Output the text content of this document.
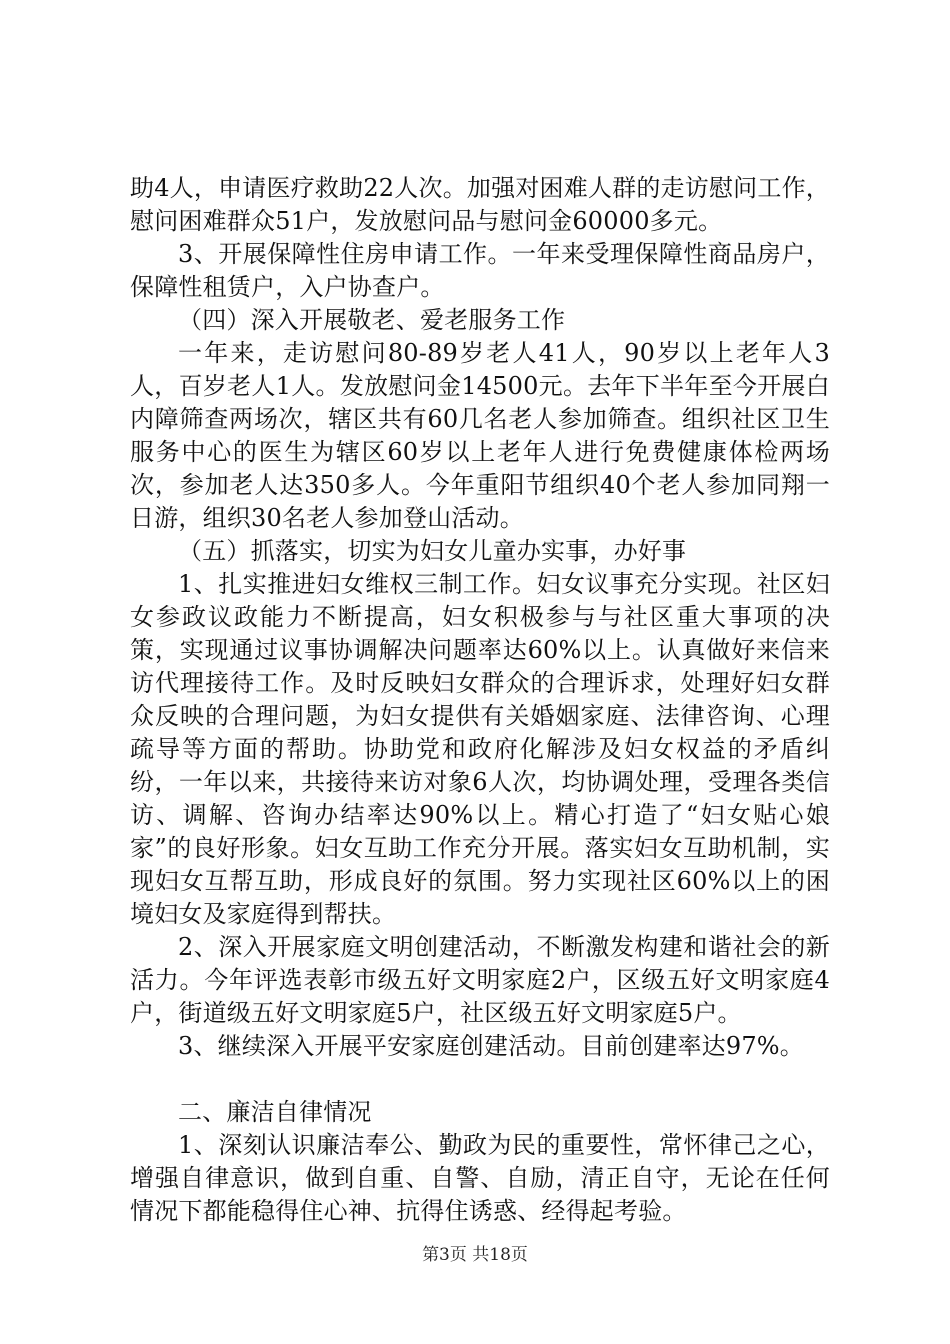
助4人，申请医疗救助22人次。加强对困难人群的走访慰问工作，慰问困难群众51户，发放慰问品与慰问金60000多元。

3、开展保障性住房申请工作。一年来受理保障性商品房户，保障性租赁户，入户协查户。

（四）深入开展敬老、爱老服务工作

一年来，走访慰问80-89岁老人41人，90岁以上老年人3人，百岁老人1人。发放慰问金14500元。去年下半年至今开展白内障筛查两场次，辖区共有60几名老人参加筛查。组织社区卫生服务中心的医生为辖区60岁以上老年人进行免费健康体检两场次，参加老人达350多人。今年重阳节组织40个老人参加同翔一日游，组织30名老人参加登山活动。

（五）抓落实，切实为妇女儿童办实事，办好事

1、扎实推进妇女维权三制工作。妇女议事充分实现。社区妇女参政议政能力不断提高，妇女积极参与与社区重大事项的决策，实现通过议事协调解决问题率达60%以上。认真做好来信来访代理接待工作。及时反映妇女群众的合理诉求，处理好妇女群众反映的合理问题，为妇女提供有关婚姻家庭、法律咨询、心理疏导等方面的帮助。协助党和政府化解涉及妇女权益的矛盾纠纷，一年以来，共接待来访对象6人次，均协调处理，受理各类信访、调解、咨询办结率达90%以上。精心打造了“妇女贴心娘家”的良好形象。妇女互助工作充分开展。落实妇女互助机制，实现妇女互帮互助，形成良好的氛围。努力实现社区60%以上的困境妇女及家庭得到帮扶。

2、深入开展家庭文明创建活动，不断激发构建和谐社会的新活力。今年评选表彰市级五好文明家庭2户，区级五好文明家庭4户，街道级五好文明家庭5户，社区级五好文明家庭5户。

3、继续深入开展平安家庭创建活动。目前创建率达97%。

二、廉洁自律情况

1、深刻认识廉洁奉公、勤政为民的重要性，常怀律己之心，增强自律意识，做到自重、自警、自励，清正自守，无论在任何情况下都能稳得住心神、抗得住诱惑、经得起考验。

第3页 共18页
